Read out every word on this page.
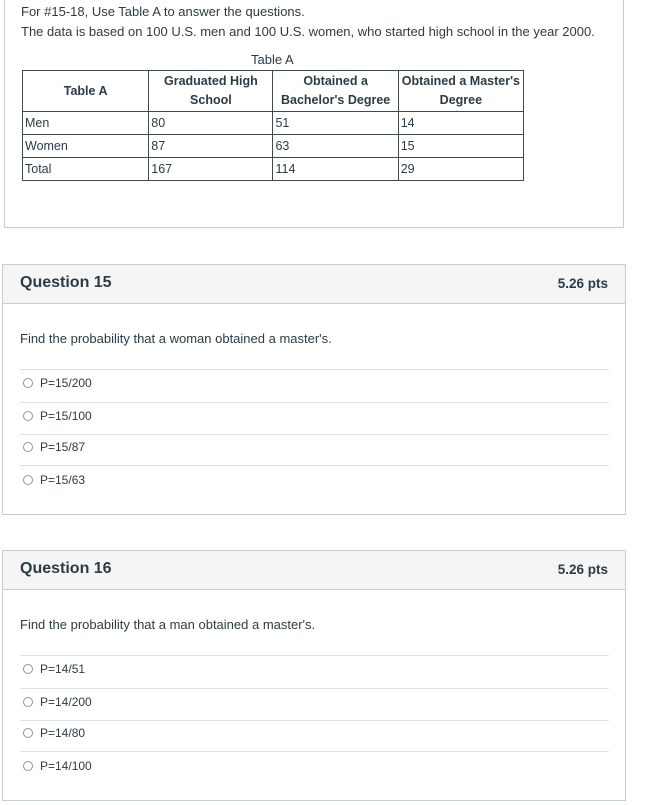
For #15-18, Use Table A to answer the questions.
The data is based on 100 U.S. men and 100 U.S. women, who started high school in the year 2000.
Table A
Table A	Graduated High School	Obtained a Bachelor's Degree	Obtained a Master's Degree
Men	80	51	14
Women	87	63	15
Total	167	114	29
Question 15	5.26 pts
Find the probability that a woman obtained a master's.
P=15/200
P=15/100
P=15/87
P=15/63
Question 16	5.26 pts
Find the probability that a man obtained a master's.
P=14/51
P=14/200
P=14/80
P=14/100
